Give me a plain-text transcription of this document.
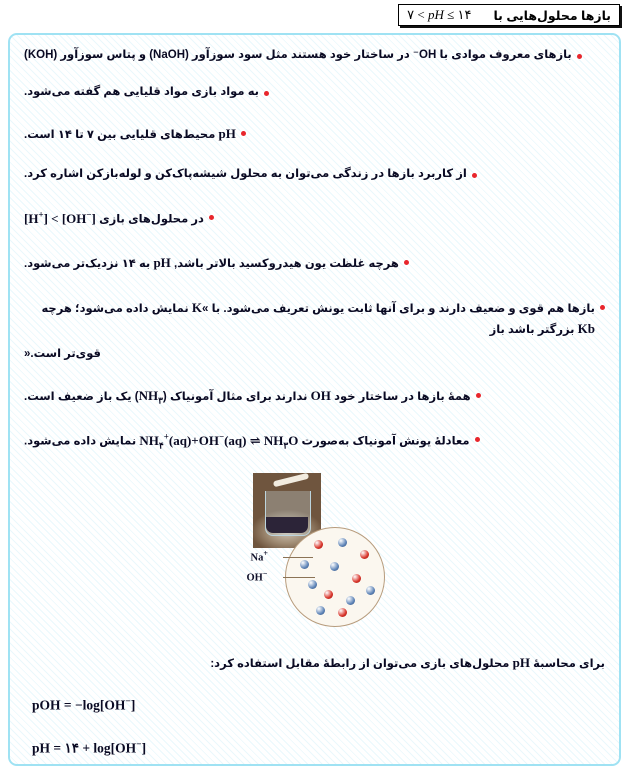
بازها محلول‌هایی با
۷ < pH ≤ ۱۴
بازهای معروف موادی با OH⁻ در ساختار خود هستند مثل سود سوزآور (NaOH) و پتاس سوزآور (KOH)
به مواد بازی مواد قلیایی هم گفته می‌شود.
pH محیط‌های قلیایی بین ۷ تا ۱۴ است.
از کاربرد بازها در زندگی می‌توان به محلول شیشه‌پاک‌کن و لوله‌بازکن اشاره کرد.
در محلول‌های بازی [H+] < [OH−]
هرچه غلظت یون هیدروکسید بالاتر باشد, pH به ۱۴ نزدیک‌تر می‌شود.
بازها هم قوی و ضعیف دارند و برای آنها ثابت یونش تعریف می‌شود. با »K نمایش داده می‌شود؛ هرچه Kb بزرگتر باشد باز
قوی‌تر است.«
همهٔ بازها در ساختار خود OH ندارند برای مثال آمونیاک $(NH_۳)$ یک باز ضعیف است.
معادلهٔ یونش آمونیاک به‌صورت $NH_۴^+(aq)+OH^-(aq)$ ⇌ $NH_۳O$ نمایش داده می‌شود.
Na+
OH−
برای محاسبهٔ pH محلول‌های بازی می‌توان از رابطهٔ مقابل استفاده کرد:
pOH = −log[OH−]
pH = ۱۴ + log[OH−]
